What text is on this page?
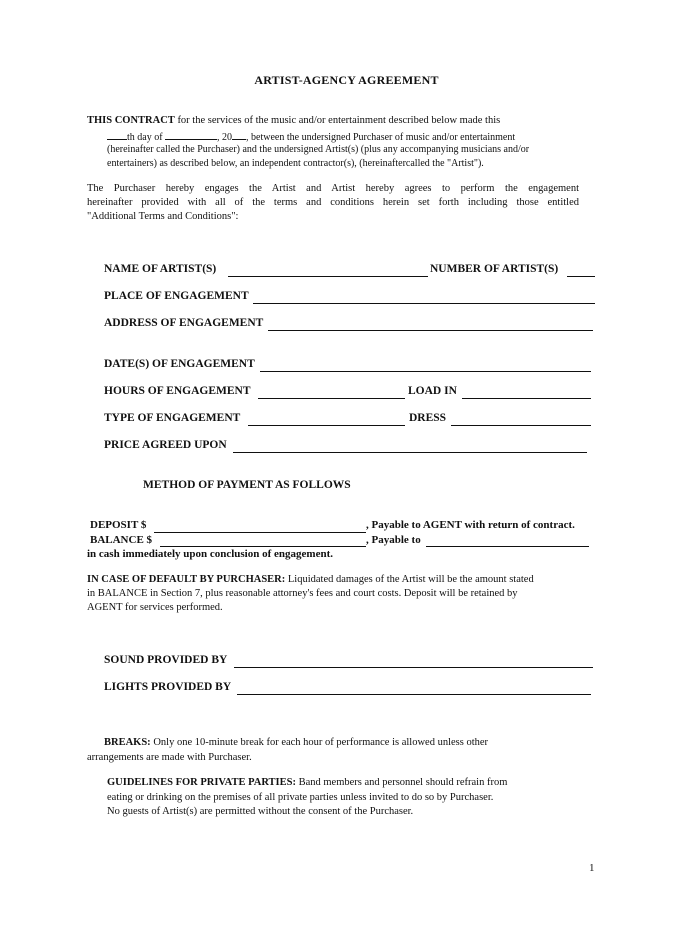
ARTIST-AGENCY AGREEMENT
THIS CONTRACT for the services of the music and/or entertainment described below made this
th day of	, 20 , between the undersigned Purchaser of music and/or entertainment
(hereinafter called the Purchaser) and the undersigned Artist(s) (plus any accompanying musicians and/or
entertainers) as described below, an independent contractor(s), (hereinaftercalled the "Artist").
The Purchaser hereby engages the Artist and Artist hereby agrees to perform the engagement
hereinafter provided with all of the terms and conditions herein set forth including those entitled
"Additional Terms and Conditions":
NAME OF ARTIST(S)	NUMBER OF ARTIST(S)
PLACE OF ENGAGEMENT
ADDRESS OF ENGAGEMENT
DATE(S) OF ENGAGEMENT
HOURS OF ENGAGEMENT	LOAD IN
TYPE OF ENGAGEMENT	DRESS
PRICE AGREED UPON
METHOD OF PAYMENT AS FOLLOWS
DEPOSIT $	, Payable to AGENT with return of contract.
BALANCE $	, Payable to
in cash immediately upon conclusion of engagement.
IN CASE OF DEFAULT BY PURCHASER: Liquidated damages of the Artist will be the amount stated
in BALANCE in Section 7, plus reasonable attorney's fees and court costs. Deposit will be retained by
AGENT for services performed.
SOUND PROVIDED BY
LIGHTS PROVIDED BY
BREAKS: Only one 10-minute break for each hour of performance is allowed unless other
arrangements are made with Purchaser.
GUIDELINES FOR PRIVATE PARTIES: Band members and personnel should refrain from
eating or drinking on the premises of all private parties unless invited to do so by Purchaser.
No guests of Artist(s) are permitted without the consent of the Purchaser.
1
